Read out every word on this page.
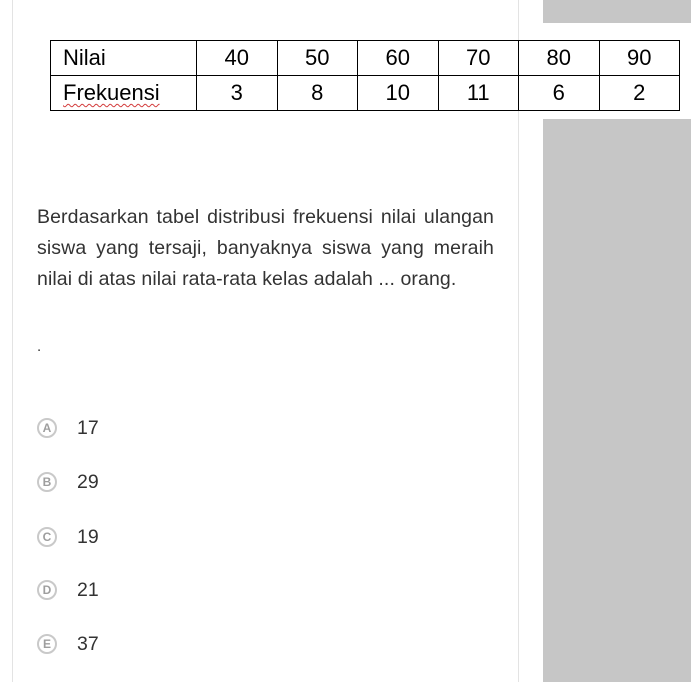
Nilai	40	50	60	70	80	90
Frekuensi	3	8	10	11	6	2
Berdasarkan tabel distribusi frekuensi nilai ulangan siswa yang tersaji, banyaknya siswa yang meraih nilai di atas nilai rata-rata kelas adalah ... orang.
.
A 17
B 29
C 19
D 21
E	37
